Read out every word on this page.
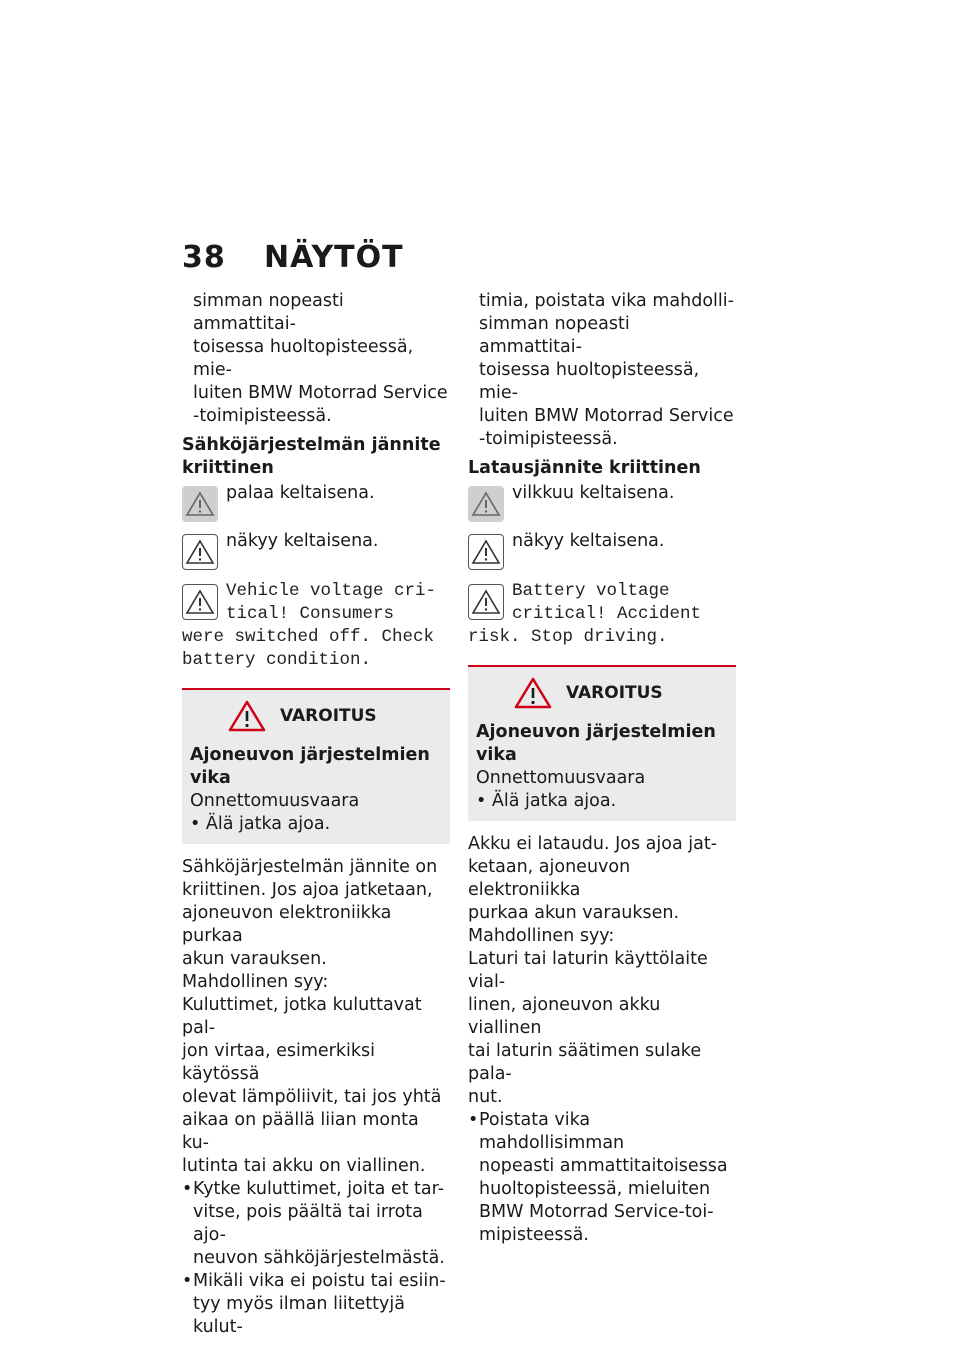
38 NÄYTÖT
simman nopeasti ammattitai-
toisessa huoltopisteessä, mie-
luiten BMW Motorrad Service
-toimipisteessä.
Sähköjärjestelmän jännite
kriittinen
palaa keltaisena.
näkyy keltaisena.
Vehicle voltage cri-
tical! Consumers
were switched off. Check
battery condition.
VAROITUS
Ajoneuvon järjestelmien vika
Onnettomuusvaara
• Älä jatka ajoa.
Sähköjärjestelmän jännite on
kriittinen. Jos ajoa jatketaan,
ajoneuvon elektroniikka purkaa
akun varauksen.
Mahdollinen syy:
Kuluttimet, jotka kuluttavat pal-
jon virtaa, esimerkiksi käytössä
olevat lämpöliivit, tai jos yhtä
aikaa on päällä liian monta ku-
lutinta tai akku on viallinen.
• Kytke kuluttimet, joita et tar-
vitse, pois päältä tai irrota ajo-
neuvon sähköjärjestelmästä.
• Mikäli vika ei poistu tai esiin-
tyy myös ilman liitettyjä kulut-
timia, poistata vika mahdolli-
simman nopeasti ammattitai-
toisessa huoltopisteessä, mie-
luiten BMW Motorrad Service
-toimipisteessä.
Latausjännite kriittinen
vilkkuu keltaisena.
näkyy keltaisena.
Battery voltage
critical! Accident
risk. Stop driving.
VAROITUS
Ajoneuvon järjestelmien vika
Onnettomuusvaara
• Älä jatka ajoa.
Akku ei lataudu. Jos ajoa jat-
ketaan, ajoneuvon elektroniikka
purkaa akun varauksen.
Mahdollinen syy:
Laturi tai laturin käyttölaite vial-
linen, ajoneuvon akku viallinen
tai laturin säätimen sulake pala-
nut.
• Poistata vika mahdollisimman
nopeasti ammattitaitoisessa
huoltopisteessä, mieluiten
BMW Motorrad Service-toi-
mipisteessä.
